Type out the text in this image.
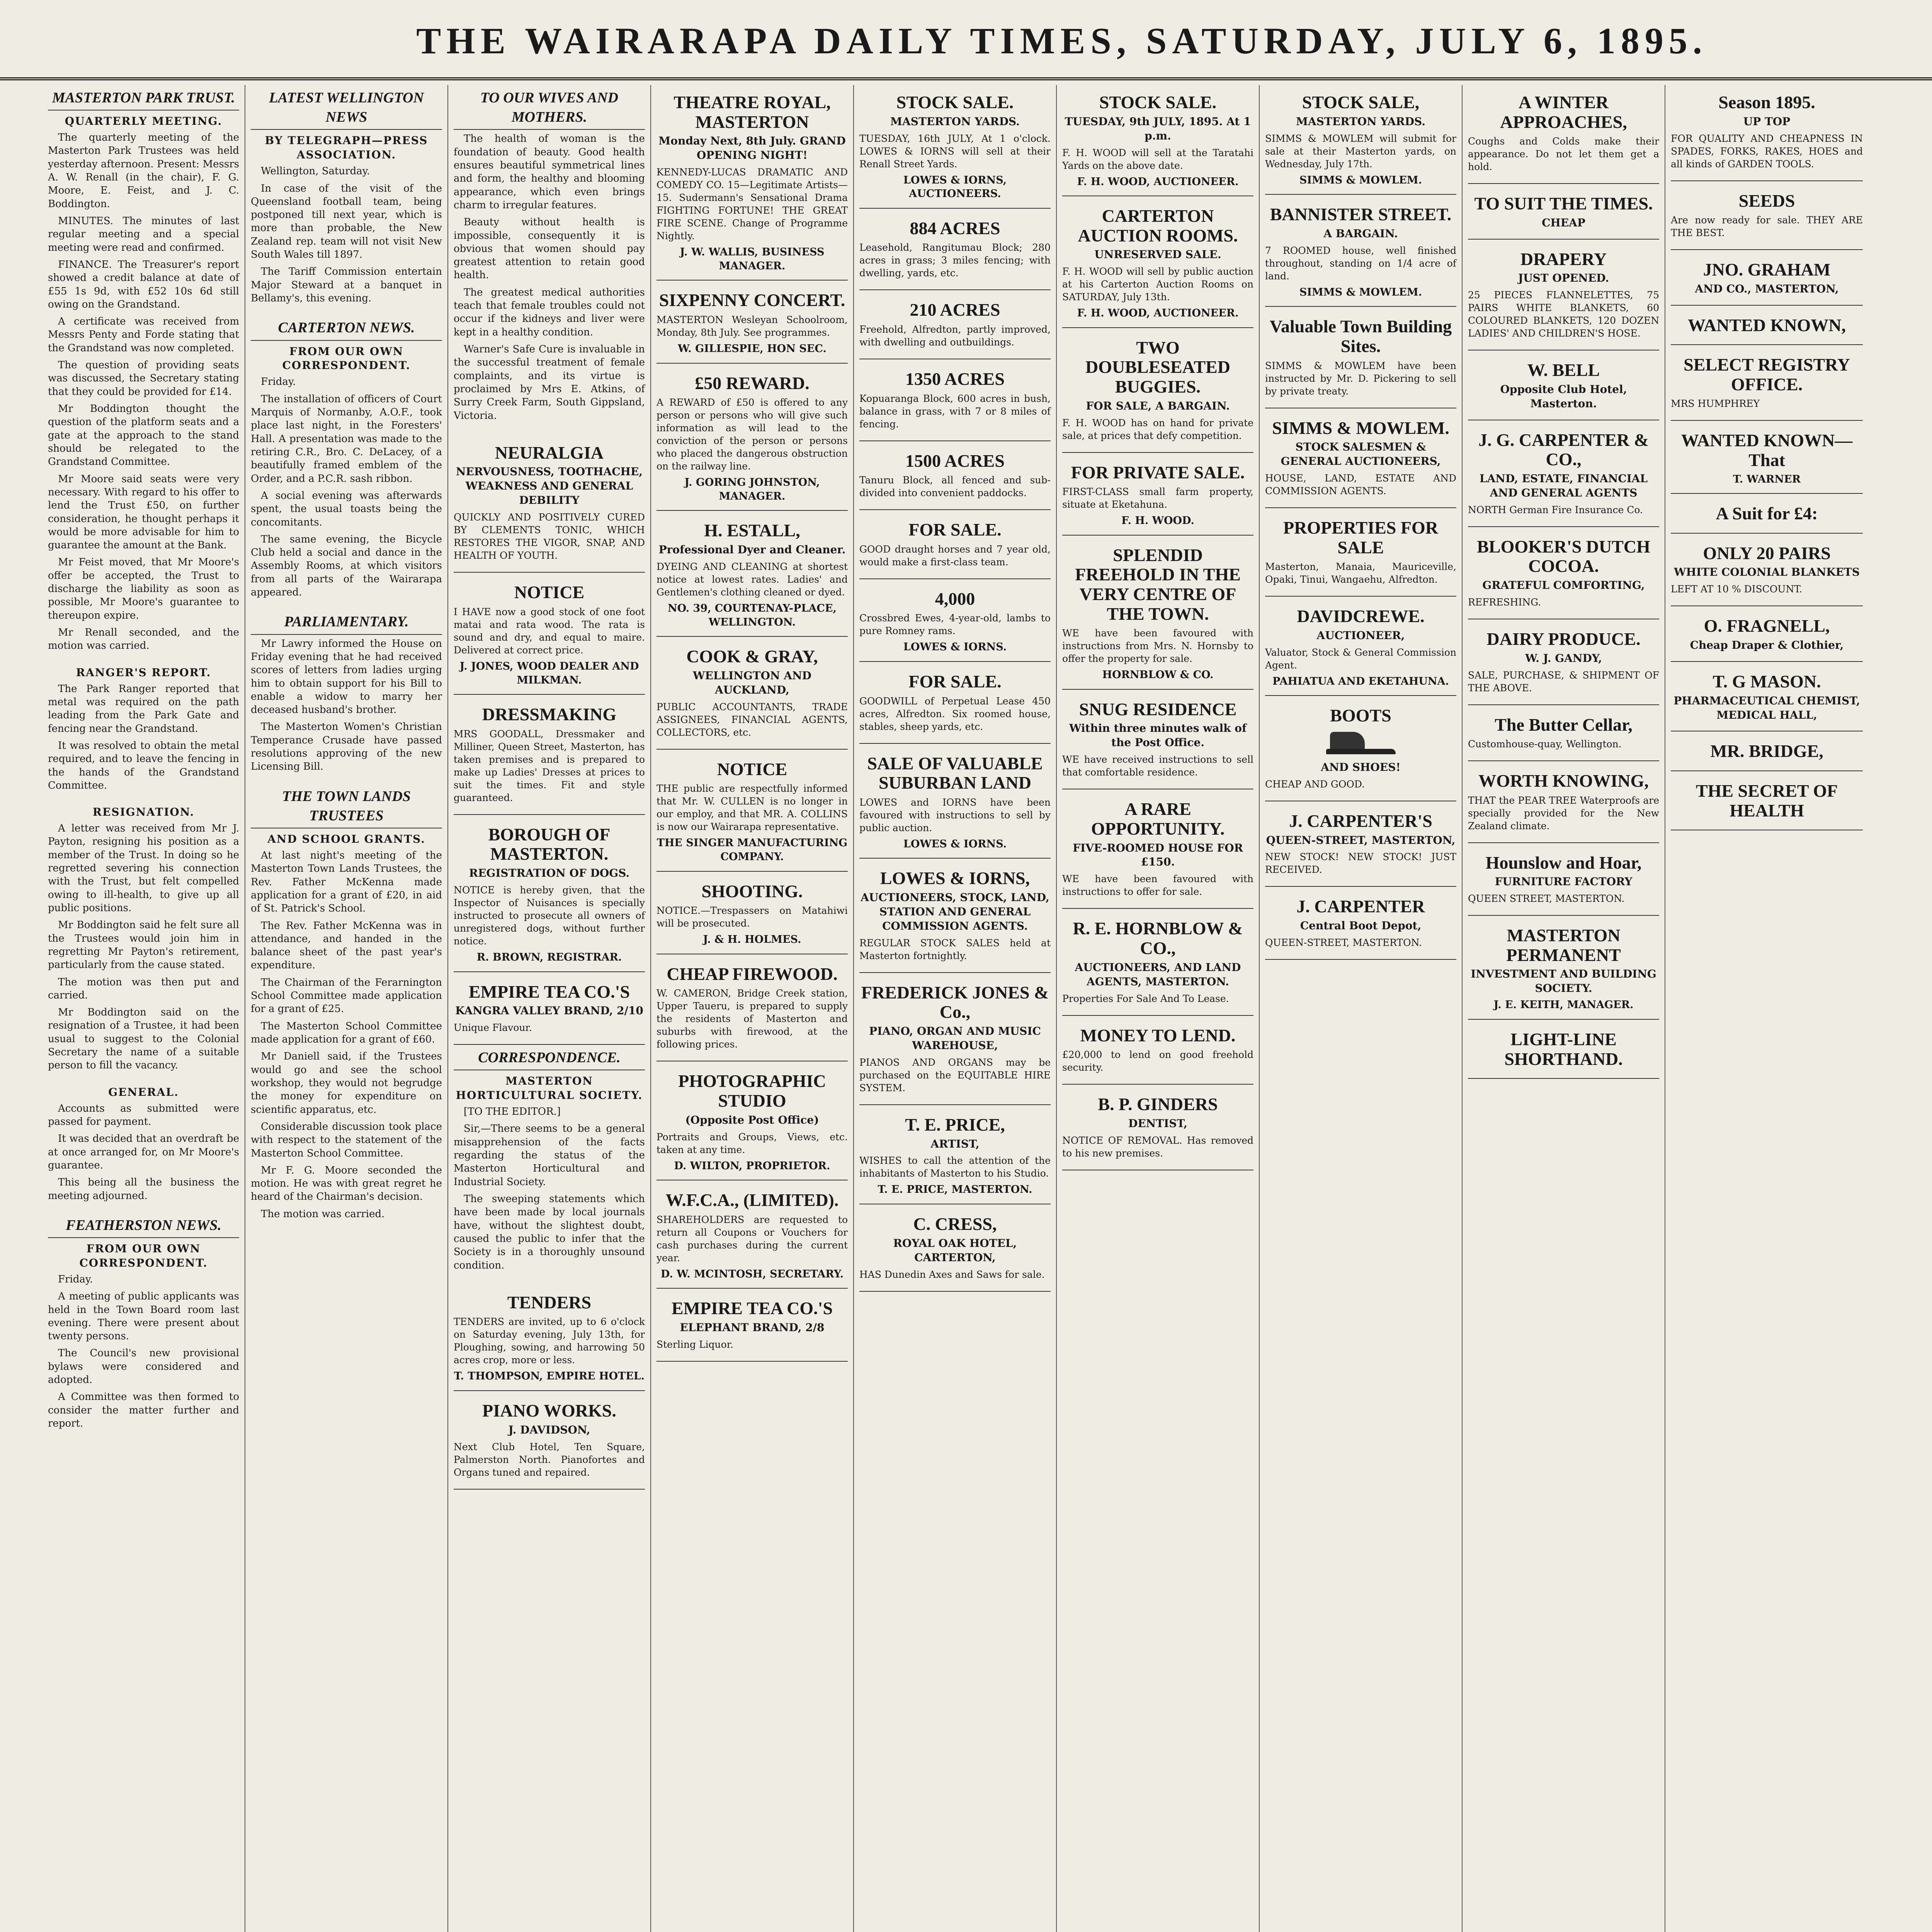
THE WAIRARAPA DAILY TIMES, SATURDAY, JULY 6, 1895.
MASTERTON PARK TRUST.
QUARTERLY MEETING.

The quarterly meeting of the Masterton Park Trustees was held yesterday afternoon. Present: Messrs A. W. Renall (in the chair), F. G. Moore, E. Feist, and J. C. Boddington.

MINUTES. The minutes of last regular meeting and a special meeting were read and confirmed.

FINANCE. The Treasurer's report showed a credit balance at date of £55 1s 9d, with £52 10s 6d still owing on the Grandstand.

A certificate was received from Messrs Penty and Forde stating that the Grandstand was now completed.

The question of providing seats was discussed, the Secretary stating that they could be provided for £14.

Mr Boddington thought the question of the platform seats and a gate at the approach to the stand should be relegated to the Grandstand Committee.

Mr Moore said seats were very necessary. With regard to his offer to lend the Trust £50, on further consideration, he thought perhaps it would be more advisable for him to guarantee the amount at the Bank.

Mr Feist moved, that Mr Moore's offer be accepted, the Trust to discharge the liability as soon as possible, Mr Moore's guarantee to thereupon expire.

Mr Renall seconded, and the motion was carried.

RANGER'S REPORT.

The Park Ranger reported that metal was required on the path leading from the Park Gate and fencing near the Grandstand.

It was resolved to obtain the metal required, and to leave the fencing in the hands of the Grandstand Committee.

RESIGNATION.

A letter was received from Mr J. Payton, resigning his position as a member of the Trust. In doing so he regretted severing his connection with the Trust, but felt compelled owing to ill-health, to give up all public positions.

Mr Boddington said he felt sure all the Trustees would join him in regretting Mr Payton's retirement, particularly from the cause stated.

The motion was then put and carried.

Mr Boddington said on the resignation of a Trustee, it had been usual to suggest to the Colonial Secretary the name of a suitable person to fill the vacancy.

GENERAL.

Accounts as submitted were passed for payment.

It was decided that an overdraft be at once arranged for, on Mr Moore's guarantee.

This being all the business the meeting adjourned.

FEATHERSTON NEWS.
FROM OUR OWN CORRESPONDENT.

Friday.

A meeting of public applicants was held in the Town Board room last evening. There were present about twenty persons.

The Council's new provisional bylaws were considered and adopted.

A Committee was then formed to consider the matter further and report.

LATEST WELLINGTON NEWS
BY TELEGRAPH—PRESS ASSOCIATION.

Wellington, Saturday.

In case of the visit of the Queensland football team, being postponed till next year, which is more than probable, the New Zealand rep. team will not visit New South Wales till 1897.

The Tariff Commission entertain Major Steward at a banquet in Bellamy's, this evening.

CARTERTON NEWS.
FROM OUR OWN CORRESPONDENT.

Friday.

The installation of officers of Court Marquis of Normanby, A.O.F., took place last night, in the Foresters' Hall. A presentation was made to the retiring C.R., Bro. C. DeLacey, of a beautifully framed emblem of the Order, and a P.C.R. sash ribbon.

A social evening was afterwards spent, the usual toasts being the concomitants.

The same evening, the Bicycle Club held a social and dance in the Assembly Rooms, at which visitors from all parts of the Wairarapa appeared.

PARLIAMENTARY.

Mr Lawry informed the House on Friday evening that he had received scores of letters from ladies urging him to obtain support for his Bill to enable a widow to marry her deceased husband's brother.

The Masterton Women's Christian Temperance Crusade have passed resolutions approving of the new Licensing Bill.

THE TOWN LANDS TRUSTEES
AND SCHOOL GRANTS.

At last night's meeting of the Masterton Town Lands Trustees, the Rev. Father McKenna made application for a grant of £20, in aid of St. Patrick's School.

The Rev. Father McKenna was in attendance, and handed in the balance sheet of the past year's expenditure.

The Chairman of the Ferarnington School Committee made application for a grant of £25.

The Masterton School Committee made application for a grant of £60.

Mr Daniell said, if the Trustees would go and see the school workshop, they would not begrudge the money for expenditure on scientific apparatus, etc.

Considerable discussion took place with respect to the statement of the Masterton School Committee.

Mr F. G. Moore seconded the motion. He was with great regret he heard of the Chairman's decision.

The motion was carried.

TO OUR WIVES AND MOTHERS.

The health of woman is the foundation of beauty. Good health ensures beautiful symmetrical lines and form, the healthy and blooming appearance, which even brings charm to irregular features.

Beauty without health is impossible, consequently it is obvious that women should pay greatest attention to retain good health.

The greatest medical authorities teach that female troubles could not occur if the kidneys and liver were kept in a healthy condition.

Warner's Safe Cure is invaluable in the successful treatment of female complaints, and its virtue is proclaimed by Mrs E. Atkins, of Surry Creek Farm, South Gippsland, Victoria.

NEURALGIA
NERVOUSNESS, TOOTHACHE, WEAKNESS AND GENERAL DEBILITY
QUICKLY AND POSITIVELY CURED BY CLEMENTS TONIC, WHICH RESTORES THE VIGOR, SNAP, AND HEALTH OF YOUTH.
NOTICE
I HAVE now a good stock of one foot matai and rata wood. The rata is sound and dry, and equal to maire. Delivered at correct price.
J. JONES, WOOD DEALER AND MILKMAN.
DRESSMAKING
MRS GOODALL, Dressmaker and Milliner, Queen Street, Masterton, has taken premises and is prepared to make up Ladies' Dresses at prices to suit the times. Fit and style guaranteed.
BOROUGH OF MASTERTON.
REGISTRATION OF DOGS.
NOTICE is hereby given, that the Inspector of Nuisances is specially instructed to prosecute all owners of unregistered dogs, without further notice.
R. BROWN, REGISTRAR.
EMPIRE TEA CO.'S
KANGRA VALLEY BRAND, 2/10
Unique Flavour.
CORRESPONDENCE.
MASTERTON HORTICULTURAL SOCIETY.

[TO THE EDITOR.]

Sir,—There seems to be a general misapprehension of the facts regarding the status of the Masterton Horticultural and Industrial Society.

The sweeping statements which have been made by local journals have, without the slightest doubt, caused the public to infer that the Society is in a thoroughly unsound condition.

TENDERS
TENDERS are invited, up to 6 o'clock on Saturday evening, July 13th, for Ploughing, sowing, and harrowing 50 acres crop, more or less.
T. THOMPSON, EMPIRE HOTEL.
PIANO WORKS.
J. DAVIDSON,
Next Club Hotel, Ten Square, Palmerston North. Pianofortes and Organs tuned and repaired.
THEATRE ROYAL, MASTERTON
Monday Next, 8th July. GRAND OPENING NIGHT!
KENNEDY-LUCAS DRAMATIC AND COMEDY CO. 15—Legitimate Artists—15. Sudermann's Sensational Drama FIGHTING FORTUNE! THE GREAT FIRE SCENE. Change of Programme Nightly.
J. W. WALLIS, BUSINESS MANAGER.
SIXPENNY CONCERT.
MASTERTON Wesleyan Schoolroom, Monday, 8th July. See programmes.
W. GILLESPIE, HON SEC.
£50 REWARD.
A REWARD of £50 is offered to any person or persons who will give such information as will lead to the conviction of the person or persons who placed the dangerous obstruction on the railway line.
J. GORING JOHNSTON, MANAGER.
H. ESTALL,
Professional Dyer and Cleaner.
DYEING AND CLEANING at shortest notice at lowest rates. Ladies' and Gentlemen's clothing cleaned or dyed.
NO. 39, COURTENAY-PLACE, WELLINGTON.
COOK & GRAY,
WELLINGTON AND AUCKLAND,
PUBLIC ACCOUNTANTS, TRADE ASSIGNEES, FINANCIAL AGENTS, COLLECTORS, etc.
NOTICE
THE public are respectfully informed that Mr. W. CULLEN is no longer in our employ, and that MR. A. COLLINS is now our Wairarapa representative.
THE SINGER MANUFACTURING COMPANY.
SHOOTING.
NOTICE.—Trespassers on Matahiwi will be prosecuted.
J. & H. HOLMES.
CHEAP FIREWOOD.
W. CAMERON, Bridge Creek station, Upper Taueru, is prepared to supply the residents of Masterton and suburbs with firewood, at the following prices.
PHOTOGRAPHIC STUDIO
(Opposite Post Office)
Portraits and Groups, Views, etc. taken at any time.
D. WILTON, PROPRIETOR.
W.F.C.A., (LIMITED).
SHAREHOLDERS are requested to return all Coupons or Vouchers for cash purchases during the current year.
D. W. MCINTOSH, SECRETARY.
EMPIRE TEA CO.'S
ELEPHANT BRAND, 2/8
Sterling Liquor.
STOCK SALE.
MASTERTON YARDS.
TUESDAY, 16th JULY, At 1 o'clock. LOWES & IORNS will sell at their Renall Street Yards.
LOWES & IORNS, AUCTIONEERS.
884 ACRES
Leasehold, Rangitumau Block; 280 acres in grass; 3 miles fencing; with dwelling, yards, etc.
210 ACRES
Freehold, Alfredton, partly improved, with dwelling and outbuildings.
1350 ACRES
Kopuaranga Block, 600 acres in bush, balance in grass, with 7 or 8 miles of fencing.
1500 ACRES
Tanuru Block, all fenced and sub-divided into convenient paddocks.
FOR SALE.
GOOD draught horses and 7 year old, would make a first-class team.
4,000
Crossbred Ewes, 4-year-old, lambs to pure Romney rams.
LOWES & IORNS.
FOR SALE.
GOODWILL of Perpetual Lease 450 acres, Alfredton. Six roomed house, stables, sheep yards, etc.
SALE OF VALUABLE SUBURBAN LAND
LOWES and IORNS have been favoured with instructions to sell by public auction.
LOWES & IORNS.
LOWES & IORNS,
AUCTIONEERS, STOCK, LAND, STATION AND GENERAL COMMISSION AGENTS.
REGULAR STOCK SALES held at Masterton fortnightly.
FREDERICK JONES & Co.,
PIANO, ORGAN AND MUSIC WAREHOUSE,
PIANOS AND ORGANS may be purchased on the EQUITABLE HIRE SYSTEM.
T. E. PRICE,
ARTIST,
WISHES to call the attention of the inhabitants of Masterton to his Studio.
T. E. PRICE, MASTERTON.
C. CRESS,
ROYAL OAK HOTEL, CARTERTON,
HAS Dunedin Axes and Saws for sale.
STOCK SALE.
TUESDAY, 9th JULY, 1895. At 1 p.m.
F. H. WOOD will sell at the Taratahi Yards on the above date.
F. H. WOOD, AUCTIONEER.
CARTERTON AUCTION ROOMS.
UNRESERVED SALE.
F. H. WOOD will sell by public auction at his Carterton Auction Rooms on SATURDAY, July 13th.
F. H. WOOD, AUCTIONEER.
TWO DOUBLESEATED BUGGIES.
FOR SALE, A BARGAIN.
F. H. WOOD has on hand for private sale, at prices that defy competition.
FOR PRIVATE SALE.
FIRST-CLASS small farm property, situate at Eketahuna.
F. H. WOOD.
SPLENDID FREEHOLD IN THE VERY CENTRE OF THE TOWN.
WE have been favoured with instructions from Mrs. N. Hornsby to offer the property for sale.
HORNBLOW & CO.
SNUG RESIDENCE
Within three minutes walk of the Post Office.
WE have received instructions to sell that comfortable residence.
A RARE OPPORTUNITY.
FIVE-ROOMED HOUSE FOR £150.
WE have been favoured with instructions to offer for sale.
R. E. HORNBLOW & CO.,
AUCTIONEERS, AND LAND AGENTS, MASTERTON.
Properties For Sale And To Lease.
MONEY TO LEND.
£20,000 to lend on good freehold security.
B. P. GINDERS
DENTIST,
NOTICE OF REMOVAL. Has removed to his new premises.
STOCK SALE,
MASTERTON YARDS.
SIMMS & MOWLEM will submit for sale at their Masterton yards, on Wednesday, July 17th.
SIMMS & MOWLEM.
BANNISTER STREET.
A BARGAIN.
7 ROOMED house, well finished throughout, standing on 1/4 acre of land.
SIMMS & MOWLEM.
Valuable Town Building Sites.
SIMMS & MOWLEM have been instructed by Mr. D. Pickering to sell by private treaty.
SIMMS & MOWLEM.
STOCK SALESMEN & GENERAL AUCTIONEERS,
HOUSE, LAND, ESTATE AND COMMISSION AGENTS.
PROPERTIES FOR SALE
Masterton, Manaia, Mauriceville, Opaki, Tinui, Wangaehu, Alfredton.
DAVIDCREWE.
AUCTIONEER,
Valuator, Stock & General Commission Agent.
PAHIATUA AND EKETAHUNA.
BOOTS
AND SHOES!
CHEAP AND GOOD.
J. CARPENTER'S
QUEEN-STREET, MASTERTON,
NEW STOCK! NEW STOCK! JUST RECEIVED.
J. CARPENTER
Central Boot Depot,
QUEEN-STREET, MASTERTON.
A WINTER APPROACHES,
Coughs and Colds make their appearance. Do not let them get a hold.
TO SUIT THE TIMES.
CHEAP
DRAPERY
JUST OPENED.
25 PIECES FLANNELETTES, 75 PAIRS WHITE BLANKETS, 60 COLOURED BLANKETS, 120 DOZEN LADIES' AND CHILDREN'S HOSE.
W. BELL
Opposite Club Hotel, Masterton.
J. G. CARPENTER & CO.,
LAND, ESTATE, FINANCIAL AND GENERAL AGENTS
NORTH German Fire Insurance Co.
BLOOKER'S DUTCH COCOA.
GRATEFUL COMFORTING,
REFRESHING.
DAIRY PRODUCE.
W. J. GANDY,
SALE, PURCHASE, & SHIPMENT OF THE ABOVE.
The Butter Cellar,
Customhouse-quay, Wellington.
WORTH KNOWING,
THAT the PEAR TREE Waterproofs are specially provided for the New Zealand climate.
Hounslow and Hoar,
FURNITURE FACTORY
QUEEN STREET, MASTERTON.
MASTERTON PERMANENT
INVESTMENT AND BUILDING SOCIETY.
J. E. KEITH, MANAGER.
LIGHT-LINE SHORTHAND.
Season 1895.
UP TOP
FOR QUALITY AND CHEAPNESS IN SPADES, FORKS, RAKES, HOES and all kinds of GARDEN TOOLS.
SEEDS
Are now ready for sale. THEY ARE THE BEST.
JNO. GRAHAM
AND CO., MASTERTON,
WANTED KNOWN,
SELECT REGISTRY OFFICE.
MRS HUMPHREY
WANTED KNOWN—That
T. WARNER
A Suit for £4:
ONLY 20 PAIRS
WHITE COLONIAL BLANKETS
LEFT AT 10 % DISCOUNT.
O. FRAGNELL,
Cheap Draper & Clothier,
T. G MASON.
PHARMACEUTICAL CHEMIST, MEDICAL HALL,
MR. BRIDGE,
THE SECRET OF HEALTH
